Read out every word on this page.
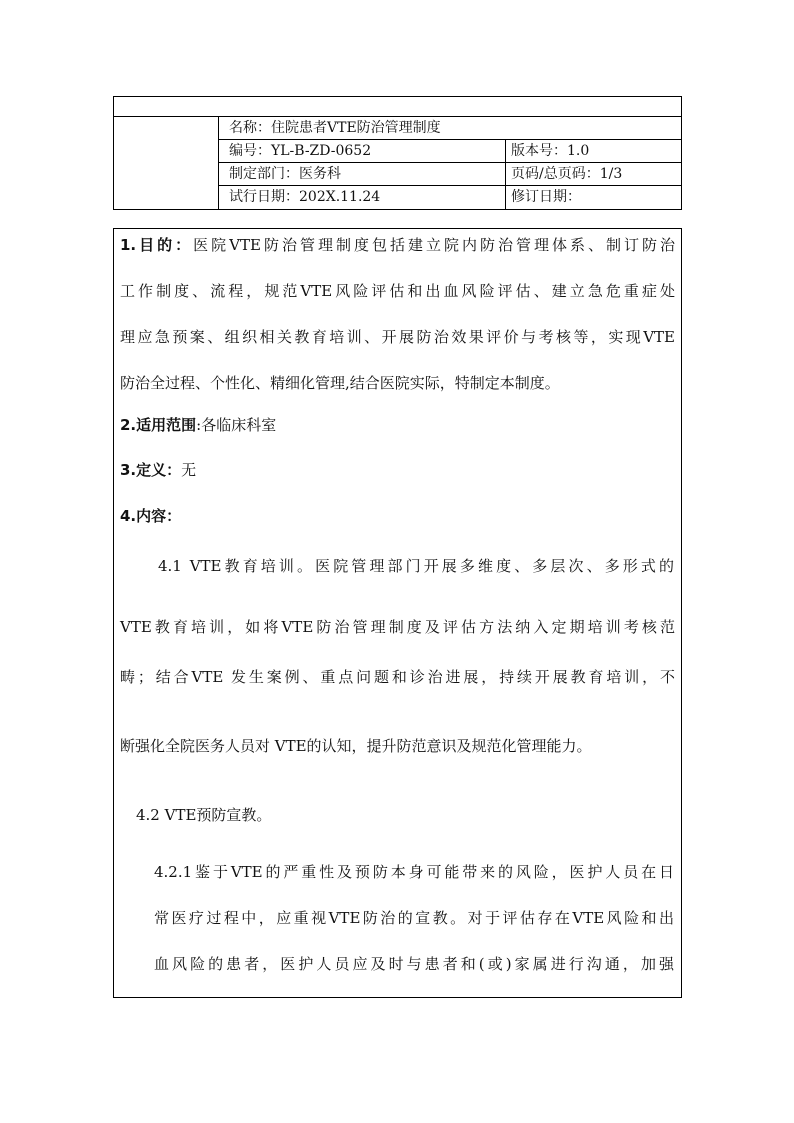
名称：住院患者VTE防治管理制度
编号：YL-B-ZD-0652	版本号：1.0
制定部门：医务科	页码/总页码：1/3
试行日期：202X.11.24	修订日期：
1.目的：医院VTE防治管理制度包括建立院内防治管理体系、制订防治
工作制度、流程，规范VTE风险评估和出血风险评估、建立急危重症处
理应急预案、组织相关教育培训、开展防治效果评价与考核等，实现VTE
防治全过程、个性化、精细化管理,结合医院实际，特制定本制度。
2.适用范围:各临床科室
3.定义：无
4.内容：
4.1 VTE教育培训。医院管理部门开展多维度、多层次、多形式的
VTE教育培训，如将VTE防治管理制度及评估方法纳入定期培训考核范
畴；结合VTE 发生案例、重点问题和诊治进展，持续开展教育培训，不
断强化全院医务人员对 VTE的认知，提升防范意识及规范化管理能力。
4.2 VTE预防宣教。
4.2.1鉴于VTE的严重性及预防本身可能带来的风险，医护人员在日
常医疗过程中，应重视VTE防治的宣教。对于评估存在VTE风险和出
血风险的患者，医护人员应及时与患者和(或)家属进行沟通，加强
